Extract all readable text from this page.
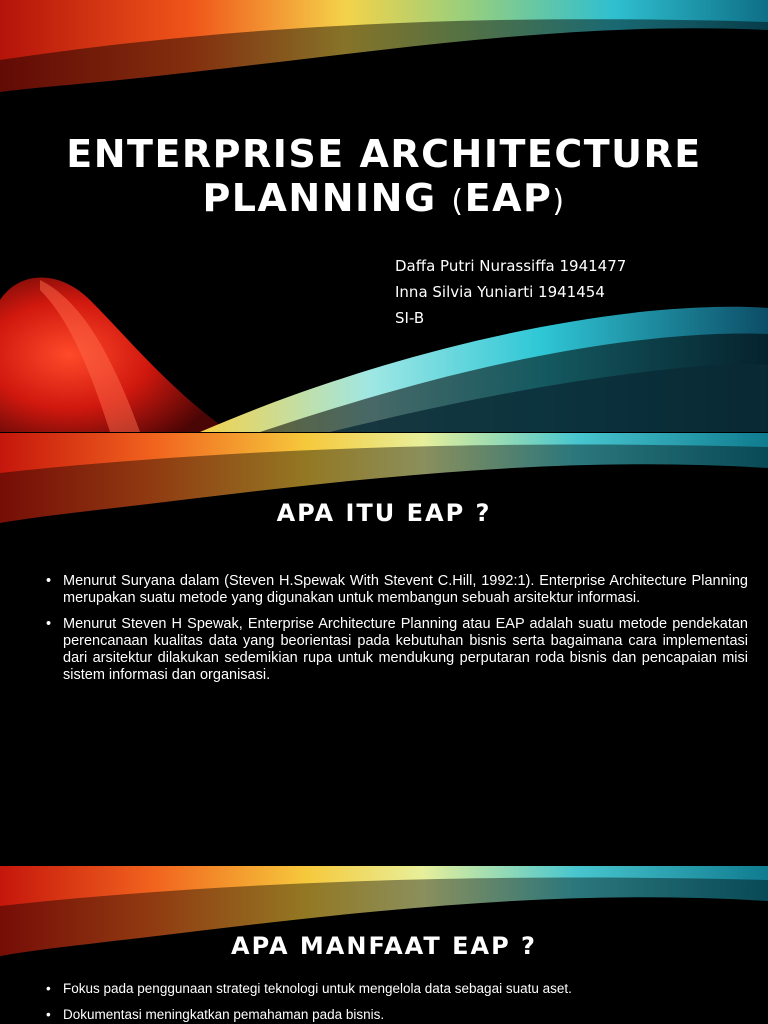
ENTERPRISE ARCHITECTURE
PLANNING (EAP)
Daffa Putri Nurassiffa 1941477
Inna Silvia Yuniarti 1941454
SI-B
APA ITU EAP ?
• Menurut Suryana dalam (Steven H.Spewak With Stevent C.Hill, 1992:1). Enterprise Architecture Planning merupakan suatu metode yang digunakan untuk membangun sebuah arsitektur informasi.
• Menurut Steven H Spewak, Enterprise Architecture Planning atau EAP adalah suatu metode pendekatan perencanaan kualitas data yang beorientasi pada kebutuhan bisnis serta bagaimana cara implementasi dari arsitektur dilakukan sedemikian rupa untuk mendukung perputaran roda bisnis dan pencapaian misi sistem informasi dan organisasi.
APA MANFAAT EAP ?
• Fokus pada penggunaan strategi teknologi untuk mengelola data sebagai suatu aset.
• Dokumentasi meningkatkan pemahaman pada bisnis.
